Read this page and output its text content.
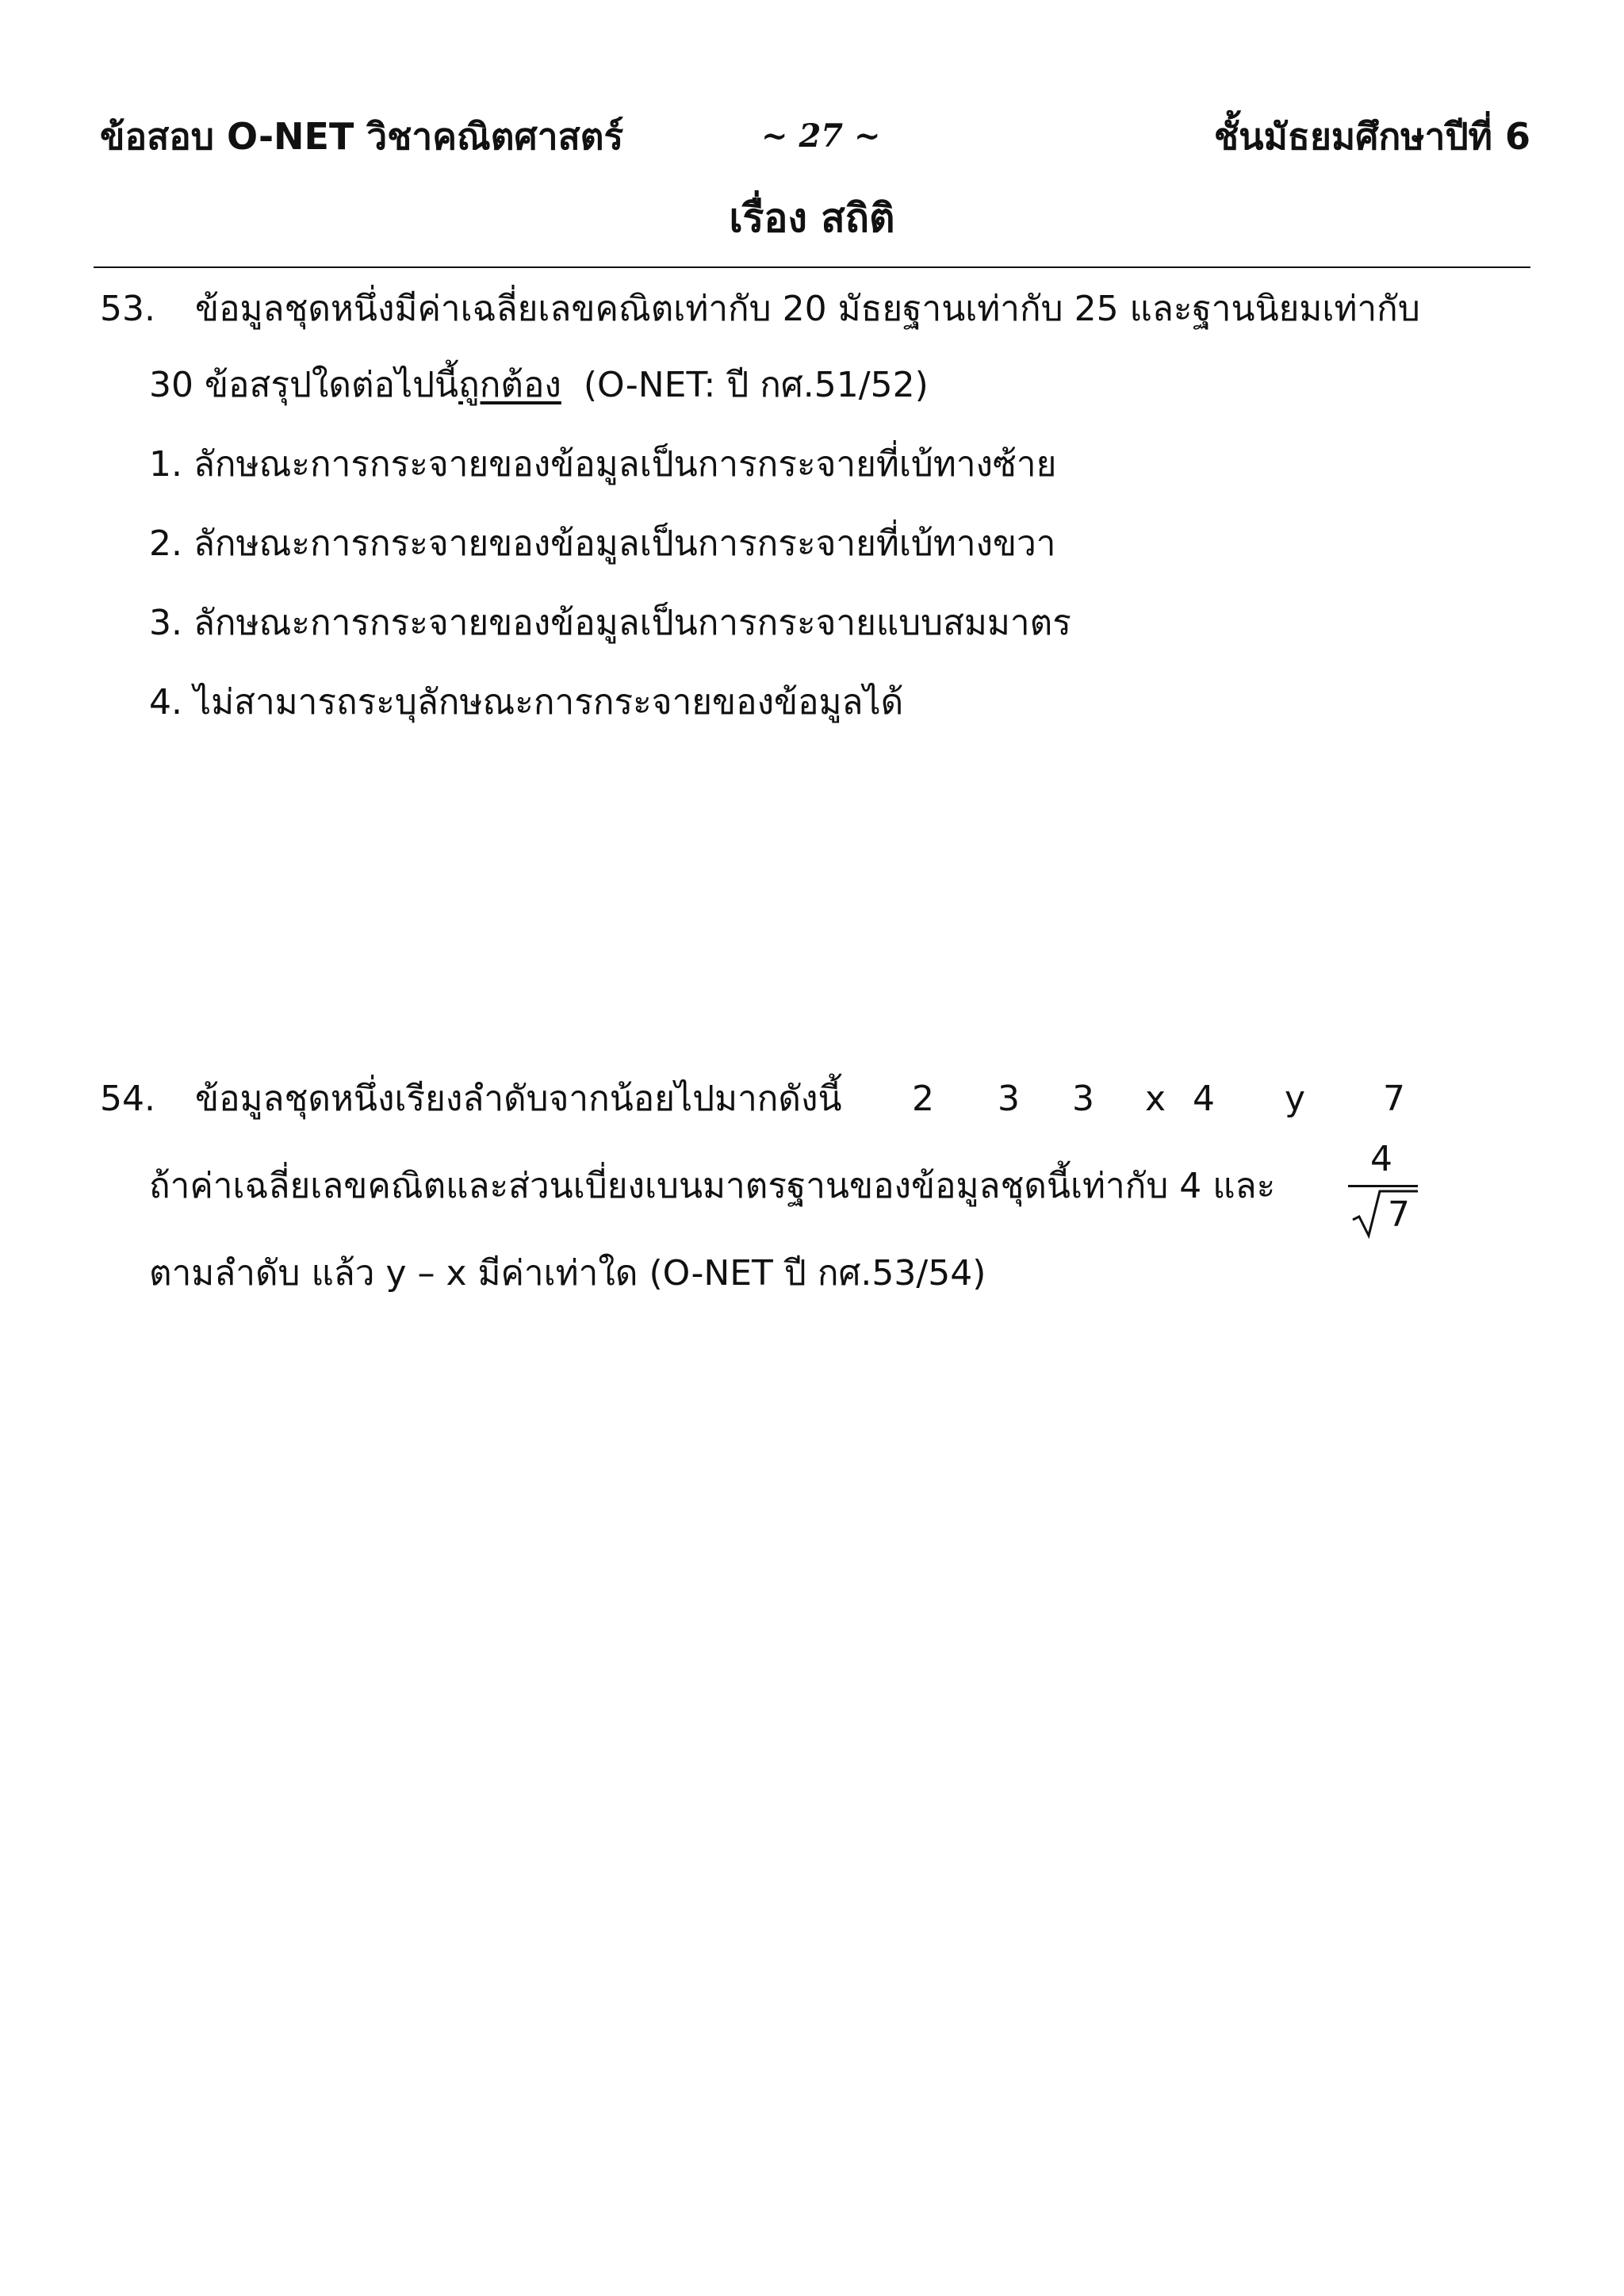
ข้อสอบ O-NET วิชาคณิตศาสตร์	~ 27 ~	ชั้นมัธยมศึกษาปีที่ 6
เรื่อง สถิติ
53. ข้อมูลชุดหนึ่งมีค่าเฉลี่ยเลขคณิตเท่ากับ 20 มัธยฐานเท่ากับ 25 และฐานนิยมเท่ากับ
30 ข้อสรุปใดต่อไปนี้ถูกต้อง (O-NET: ปี กศ.51/52)
1. ลักษณะการกระจายของข้อมูลเป็นการกระจายที่เบ้ทางซ้าย
2. ลักษณะการกระจายของข้อมูลเป็นการกระจายที่เบ้ทางขวา
3. ลักษณะการกระจายของข้อมูลเป็นการกระจายแบบสมมาตร
4. ไม่สามารถระบุลักษณะการกระจายของข้อมูลได้
54. ข้อมูลชุดหนึ่งเรียงลำดับจากน้อยไปมากดังนี้ 2 3 3 x 4 y 7
ถ้าค่าเฉลี่ยเลขคณิตและส่วนเบี่ยงเบนมาตรฐานของข้อมูลชุดนี้เท่ากับ 4 และ
4
7
ตามลำดับ แล้ว y – x มีค่าเท่าใด (O-NET ปี กศ.53/54)
